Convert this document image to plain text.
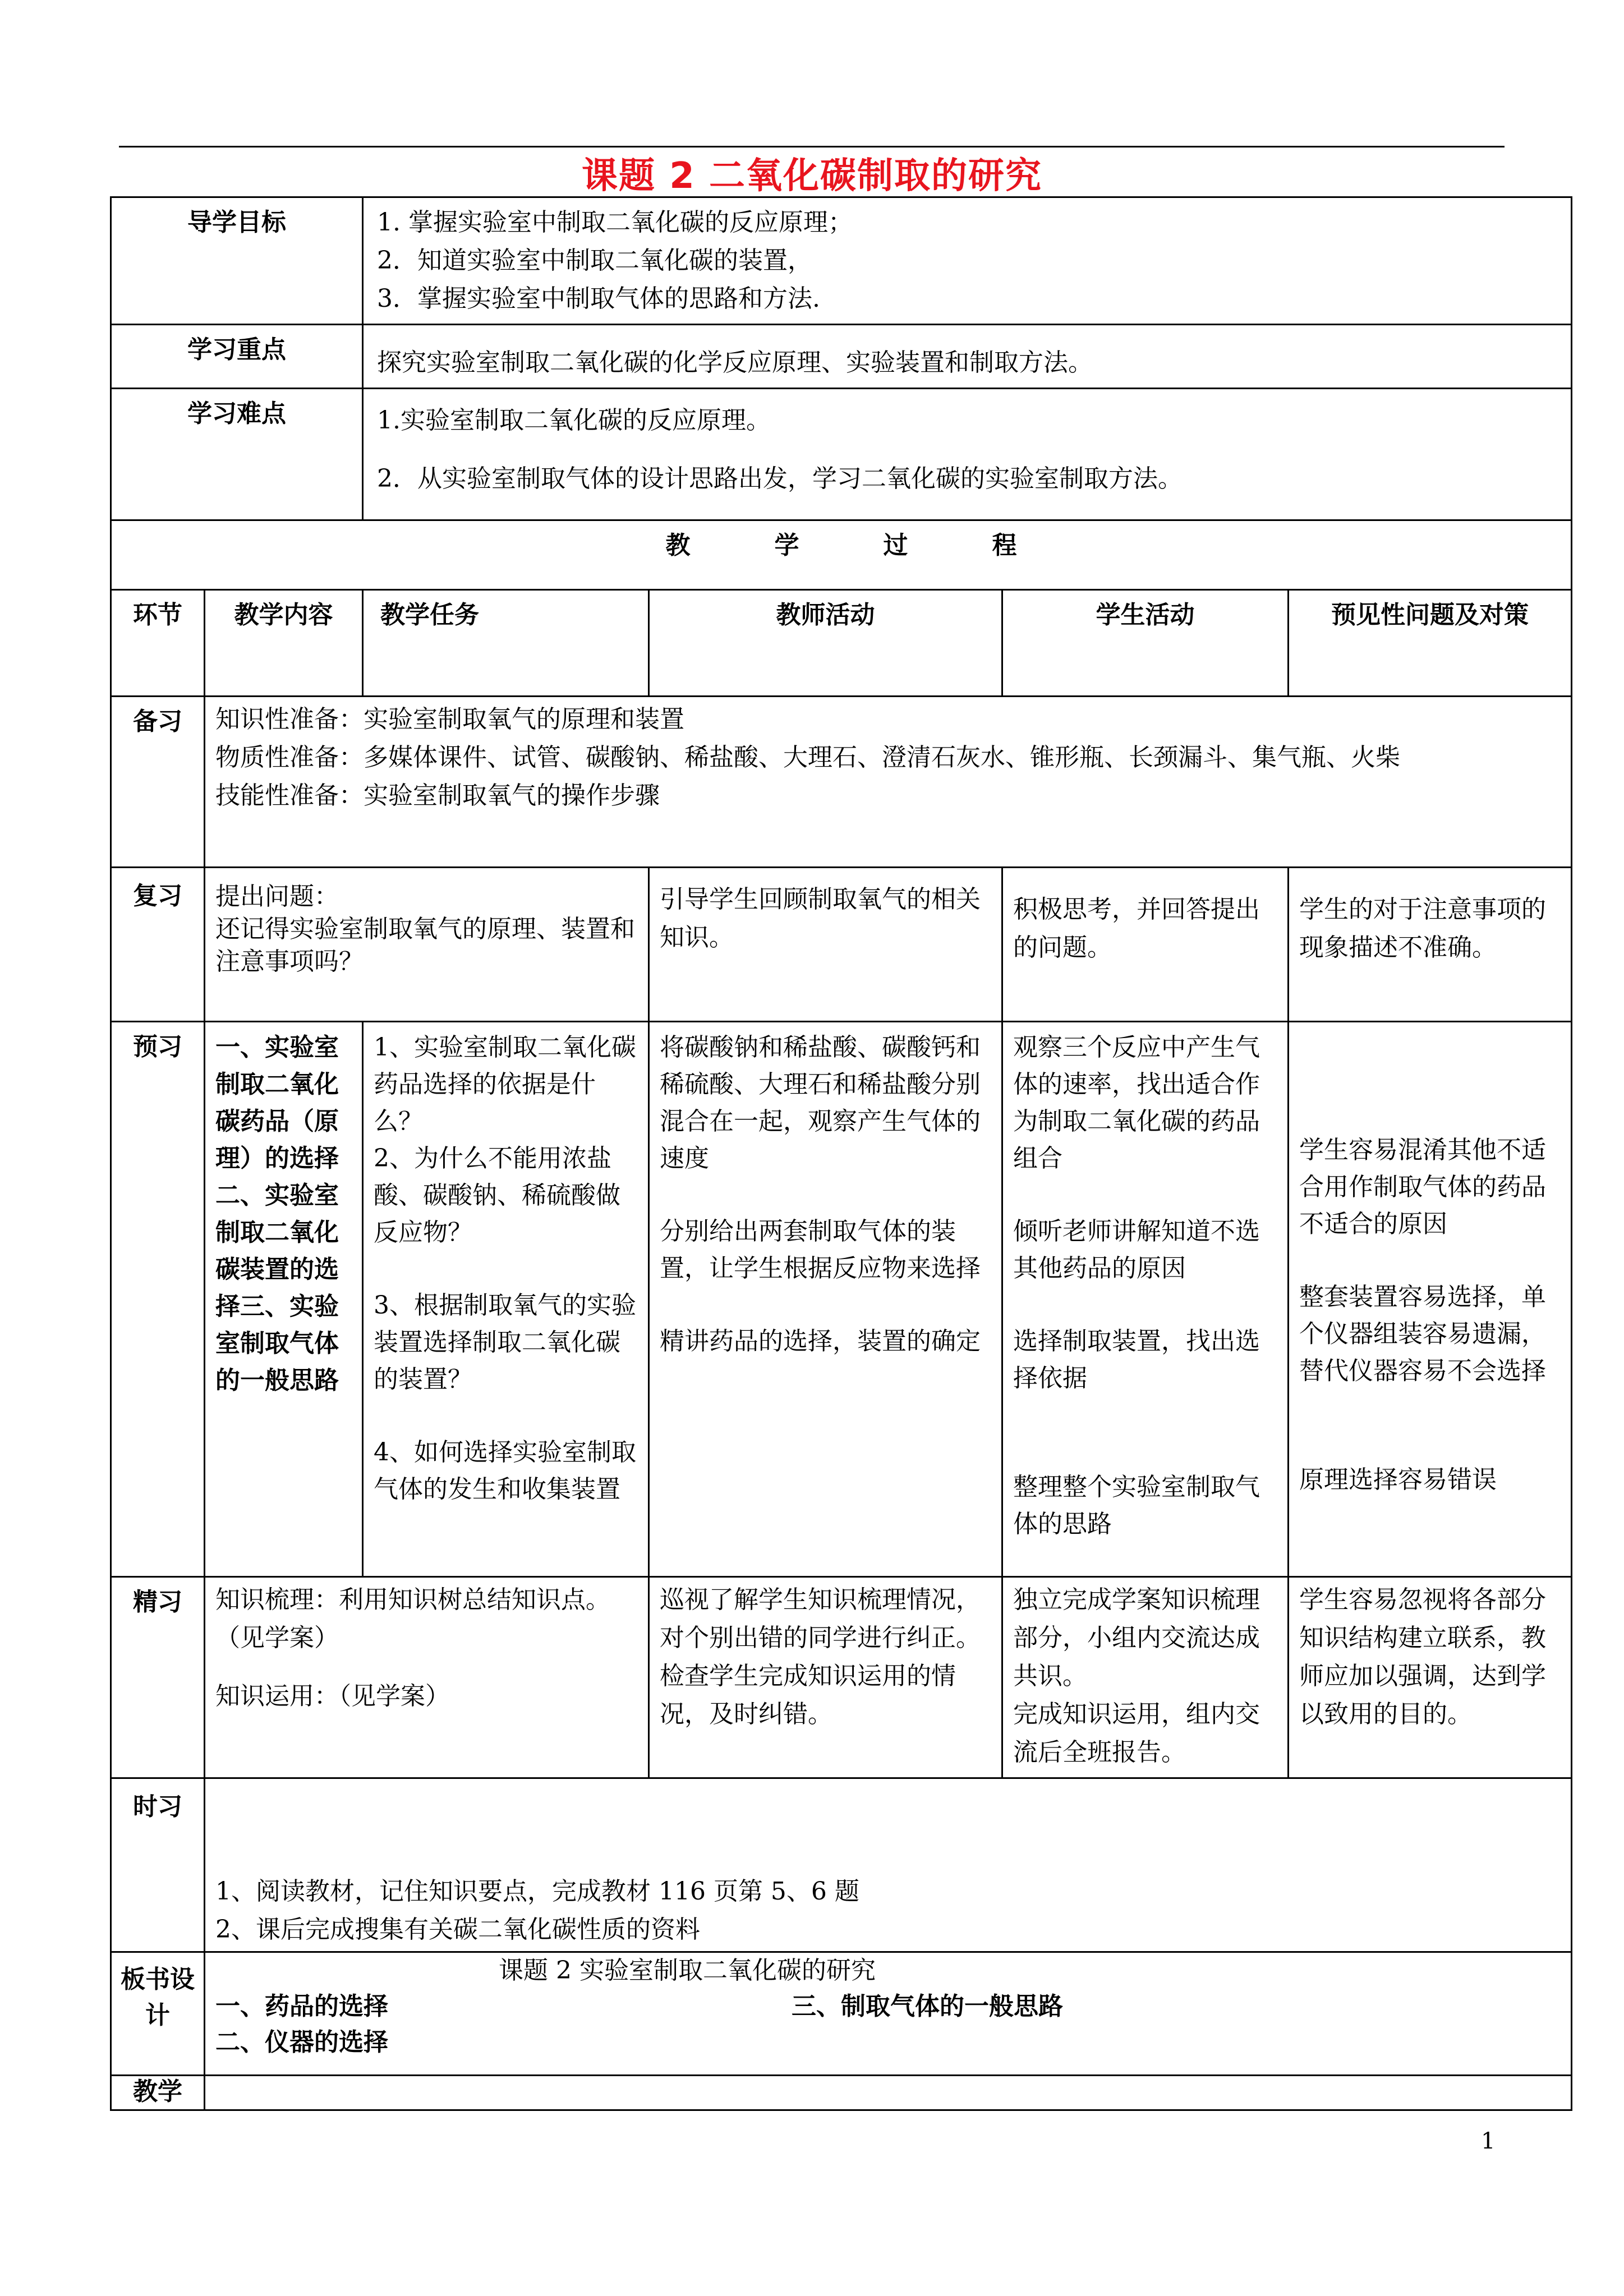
课题 2 二氧化碳制取的研究
导学目标		1. 掌握实验室中制取二氧化碳的反应原理；
2．知道实验室中制取二氧化碳的装置，
3．掌握实验室中制取气体的思路和方法.			

学习重点		探究实验室制取二氧化碳的化学反应原理、实验装置和制取方法。			
学习难点		1.实验室制取二氧化碳的反应原理。
2．从实验室制取气体的设计思路出发，学习二氧化碳的实验室制取方法。			

教学过程					
环节	教学内容	教学任务	教师活动	学生活动	预见性问题及对策
备习	知识性准备：实验室制取氧气的原理和装置
物质性准备：多媒体课件、试管、碳酸钠、稀盐酸、大理石、澄清石灰水、锥形瓶、长颈漏斗、集气瓶、火柴
技能性准备：实验室制取氧气的操作步骤				

复习	提出问题：
还记得实验室制取氧气的原理、装置和注意事项吗？		引导学生回顾制取氧气的相关知识。	积极思考，并回答提出的问题。	学生的对于注意事项的现象描述不准确。
预习	一、实验室制取二氧化碳药品（原理）的选择二、实验室制取二氧化碳装置的选择三、实验室制取气体的一般思路	1、实验室制取二氧化碳药品选择的依据是什么？
2、为什么不能用浓盐酸、碳酸钠、稀硫酸做反应物？
3、根据制取氧气的实验装置选择制取二氧化碳的装置？
4、如何选择实验室制取气体的发生和收集装置	将碳酸钠和稀盐酸、碳酸钙和稀硫酸、大理石和稀盐酸分别混合在一起，观察产生气体的速度
分别给出两套制取气体的装置，让学生根据反应物来选择
精讲药品的选择，装置的确定	观察三个反应中产生气体的速率，找出适合作为制取二氧化碳的药品组合
倾听老师讲解知道不选其他药品的原因
选择制取装置，找出选择依据
整理整个实验室制取气体的思路	学生容易混淆其他不适合用作制取气体的药品不适合的原因
整套装置容易选择，单个仪器组装容易遗漏，替代仪器容易不会选择
原理选择容易错误

精习	知识梳理：利用知识树总结知识点。（见学案）
知识运用：（见学案）		巡视了解学生知识梳理情况，对个别出错的同学进行纠正。
检查学生完成知识运用的情况，及时纠错。	独立完成学案知识梳理部分，小组内交流达成共识。
完成知识运用，组内交流后全班报告。	学生容易忽视将各部分知识结构建立联系，教师应加以强调，达到学以致用的目的。
时习	1、阅读教材，记住知识要点，完成教材 116 页第 5、6 题
2、课后完成搜集有关碳二氧化碳性质的资料				

板书设计	课题 2 实验室制取二氧化碳的研究
一、药品的选择 三、制取气体的一般思路
二、仪器的选择				

教学					
1
